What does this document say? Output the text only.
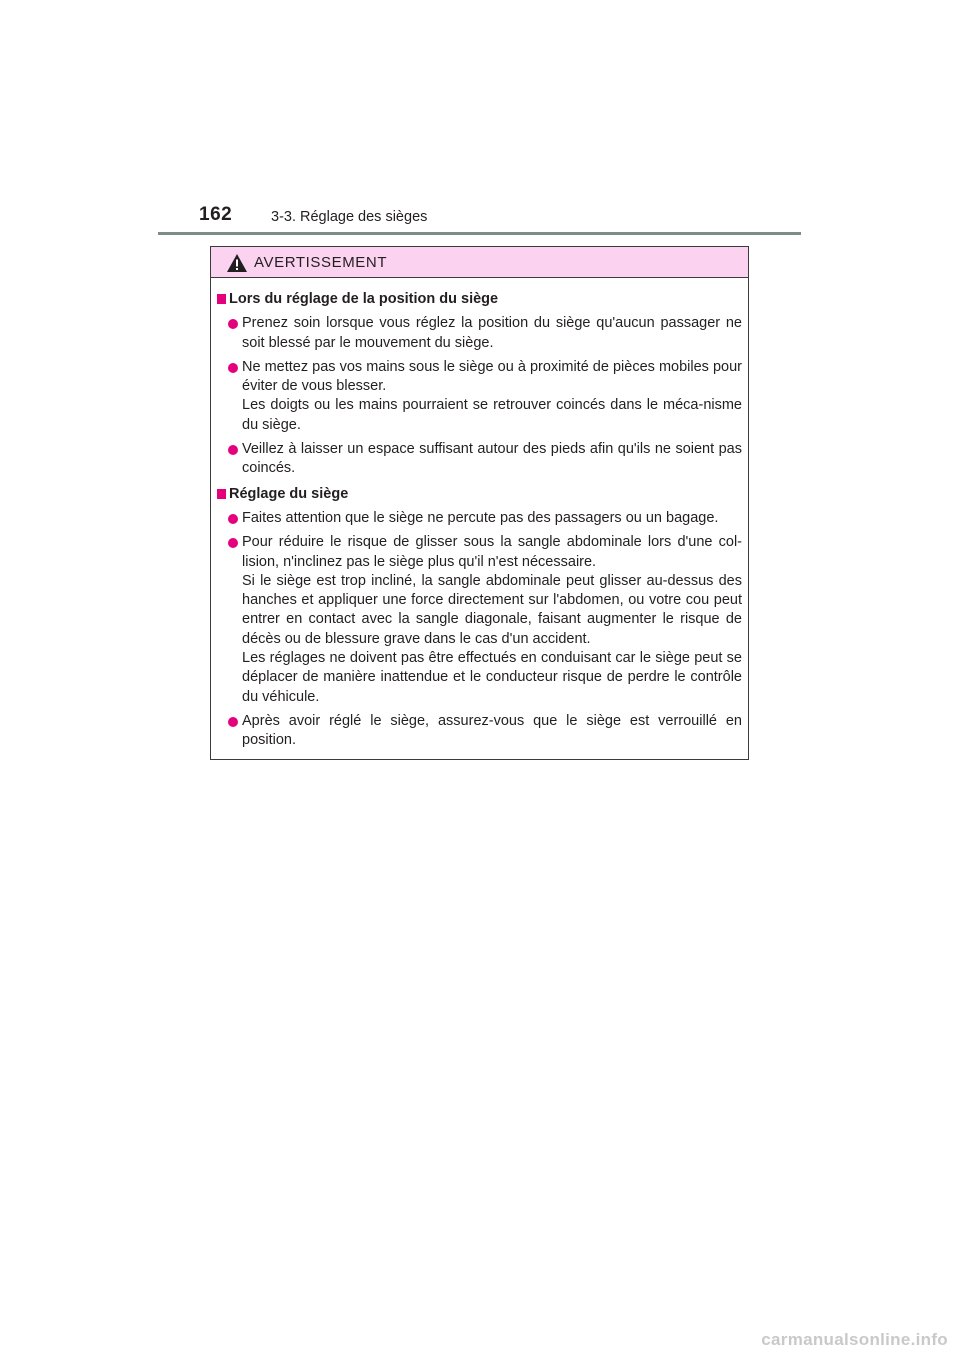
162	3-3. Réglage des sièges
AVERTISSEMENT
Lors du réglage de la position du siège

Prenez soin lorsque vous réglez la position du siège qu'aucun passager ne soit blessé par le mouvement du siège.

Ne mettez pas vos mains sous le siège ou à proximité de pièces mobiles pour éviter de vous blesser.

Les doigts ou les mains pourraient se retrouver coincés dans le méca-nisme du siège.

Veillez à laisser un espace suffisant autour des pieds afin qu'ils ne soient pas coincés.

Réglage du siège

Faites attention que le siège ne percute pas des passagers ou un bagage.

Pour réduire le risque de glisser sous la sangle abdominale lors d'une col-lision, n'inclinez pas le siège plus qu'il n'est nécessaire.

Si le siège est trop incliné, la sangle abdominale peut glisser au-dessus des hanches et appliquer une force directement sur l'abdomen, ou votre cou peut entrer en contact avec la sangle diagonale, faisant augmenter le risque de décès ou de blessure grave dans le cas d'un accident.

Les réglages ne doivent pas être effectués en conduisant car le siège peut se déplacer de manière inattendue et le conducteur risque de perdre le contrôle du véhicule.

Après avoir réglé le siège, assurez-vous que le siège est verrouillé en position.

carmanualsonline.info
